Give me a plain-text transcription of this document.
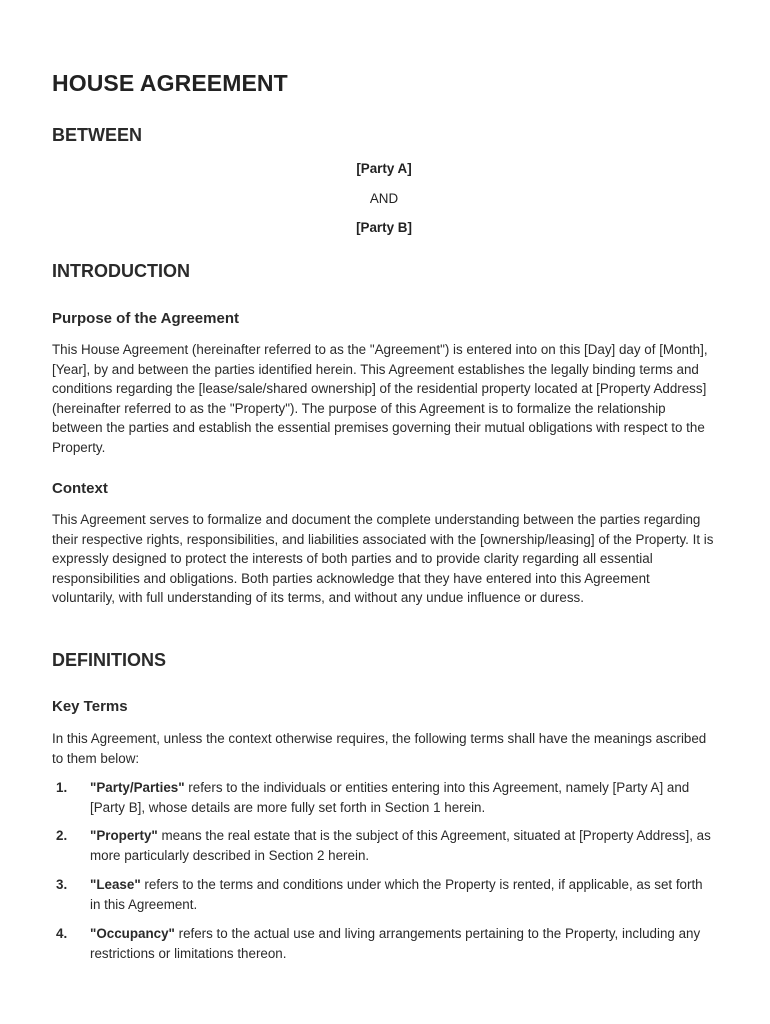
HOUSE AGREEMENT
BETWEEN
[Party A]
AND
[Party B]
INTRODUCTION
Purpose of the Agreement

This House Agreement (hereinafter referred to as the "Agreement") is entered into on this [Day] day of [Month], [Year], by and between the parties identified herein. This Agreement establishes the legally binding terms and conditions regarding the [lease/sale/shared ownership] of the residential property located at [Property Address] (hereinafter referred to as the "Property"). The purpose of this Agreement is to formalize the relationship between the parties and establish the essential premises governing their mutual obligations with respect to the Property.

Context

This Agreement serves to formalize and document the complete understanding between the parties regarding their respective rights, responsibilities, and liabilities associated with the [ownership/leasing] of the Property. It is expressly designed to protect the interests of both parties and to provide clarity regarding all essential responsibilities and obligations. Both parties acknowledge that they have entered into this Agreement voluntarily, with full understanding of its terms, and without any undue influence or duress.

DEFINITIONS
Key Terms

In this Agreement, unless the context otherwise requires, the following terms shall have the meanings ascribed to them below:

1. "Party/Parties" refers to the individuals or entities entering into this Agreement, namely [Party A] and [Party B], whose details are more fully set forth in Section 1 herein.
2. "Property" means the real estate that is the subject of this Agreement, situated at [Property Address], as more particularly described in Section 2 herein.
3. "Lease" refers to the terms and conditions under which the Property is rented, if applicable, as set forth in this Agreement.
4. "Occupancy" refers to the actual use and living arrangements pertaining to the Property, including any restrictions or limitations thereon.
